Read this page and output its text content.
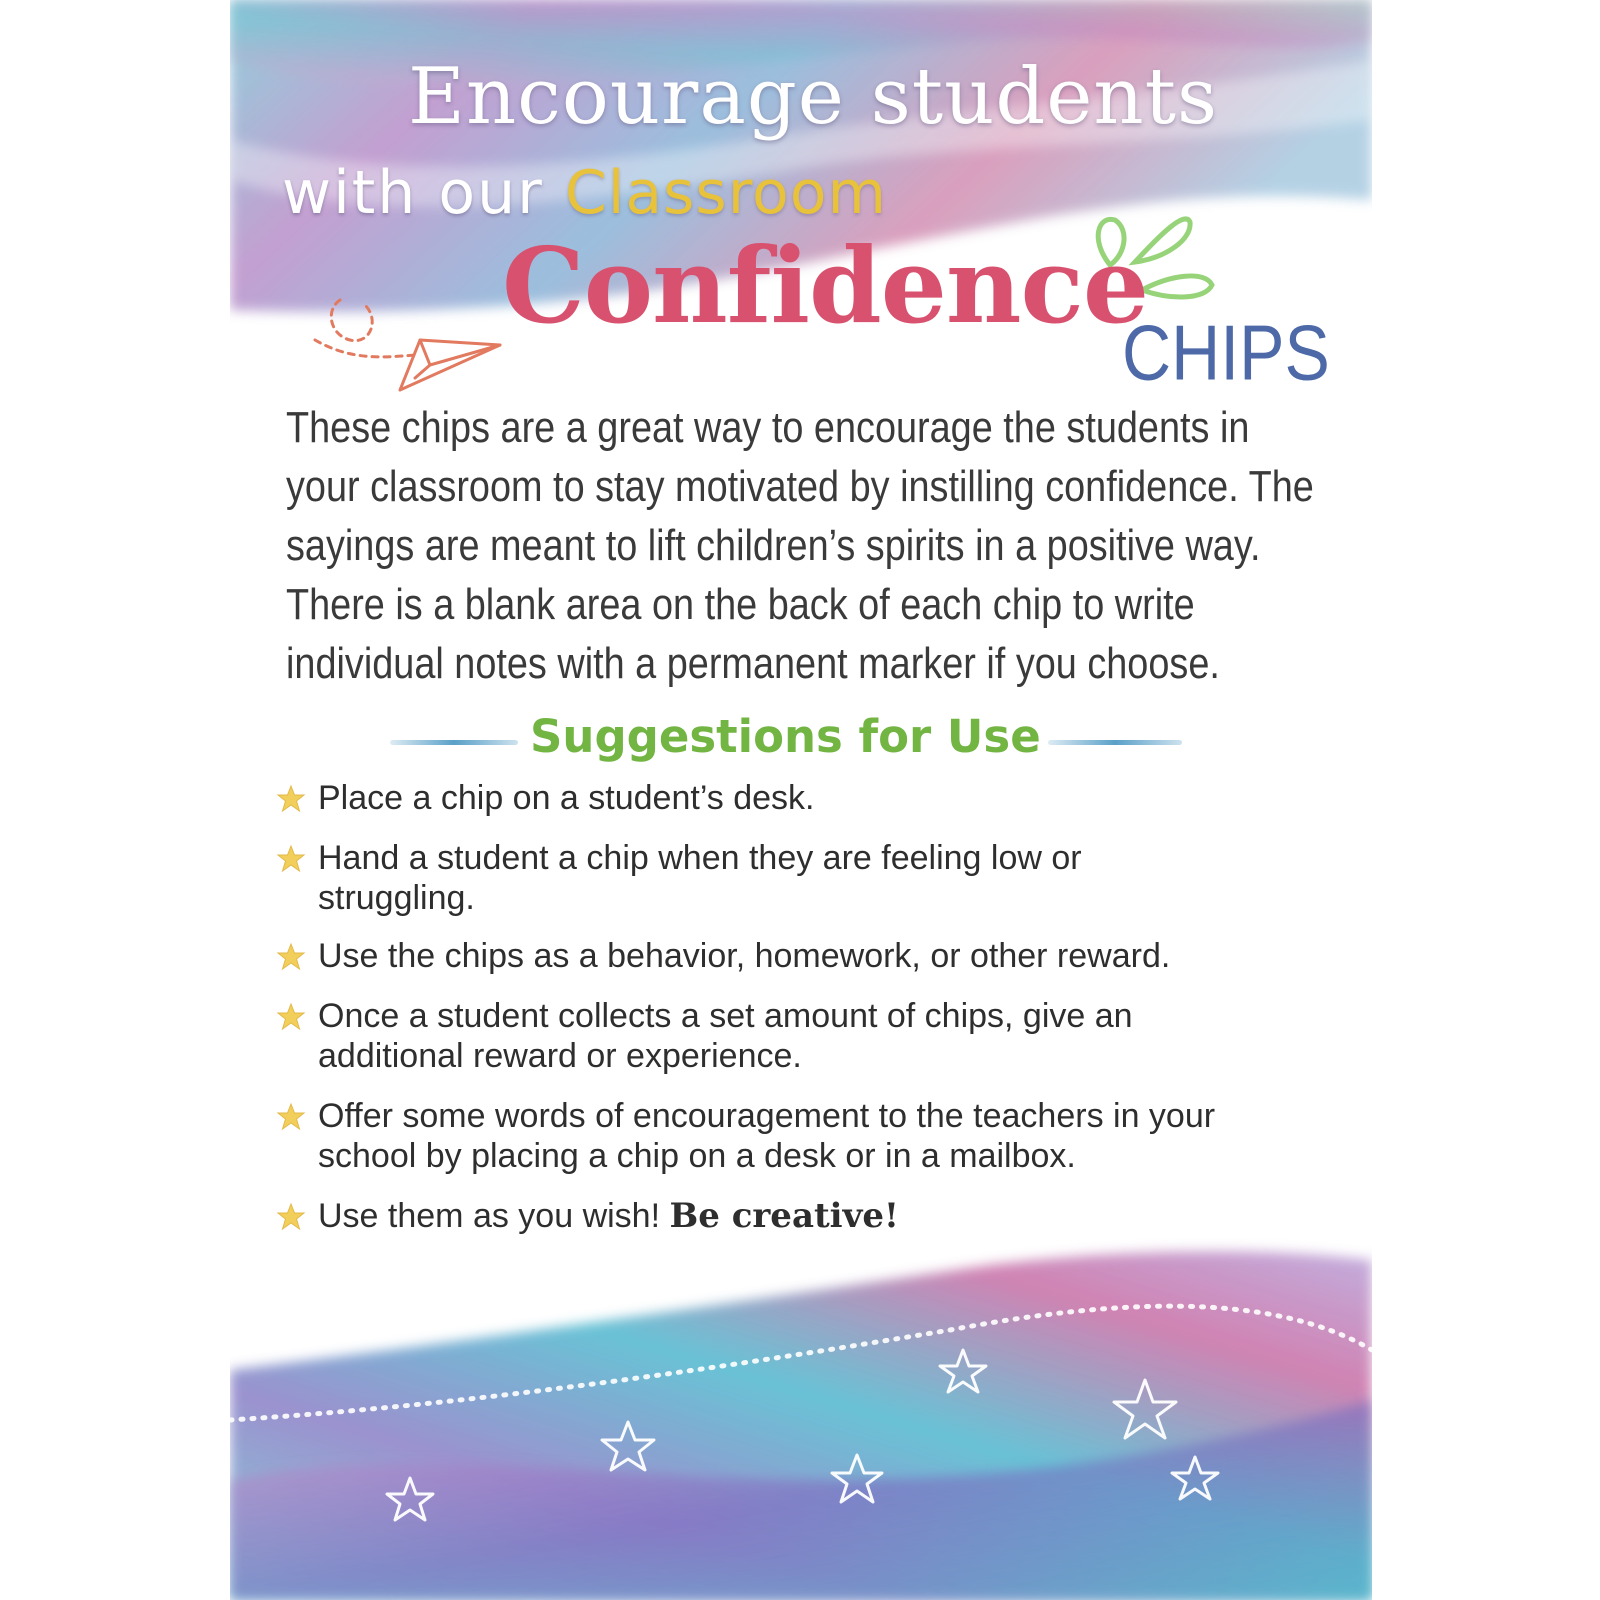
Encourage students
with our Classroom
Confidence
CHIPS
These chips are a great way to encourage the students in your classroom to stay motivated by instilling confidence. The sayings are meant to lift children’s spirits in a positive way. There is a blank area on the back of each chip to write individual notes with a permanent marker if you choose.
Suggestions for Use
Place a chip on a student’s desk.
Hand a student a chip when they are feeling low or struggling.
Use the chips as a behavior, homework, or other reward.
Once a student collects a set amount of chips, give an additional reward or experience.
Offer some words of encouragement to the teachers in your school by placing a chip on a desk or in a mailbox.
Use them as you wish! Be creative!
